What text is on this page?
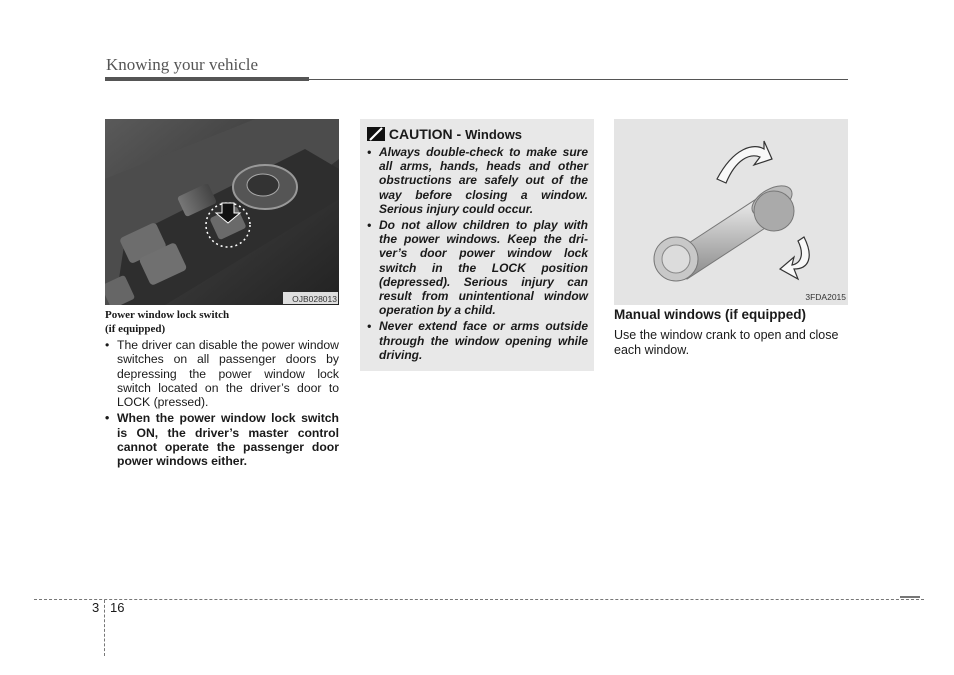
Knowing your vehicle
OJB028013
Power window lock switch
(if equipped)
• The driver can disable the power window switches on all passenger doors by depressing the power window lock switch located on the driver’s door to LOCK (pressed).
• When the power window lock switch is ON, the driver’s master control cannot operate the passenger door power windows either.
CAUTION - Windows
• Always double-check to make sure all arms, hands, heads and other obstructions are safely out of the way before closing a window. Serious injury could occur.
• Do not allow children to play with the power windows. Keep the driver’s door power window lock switch in the LOCK position (depressed). Serious injury can result from unintentional window operation by a child.
• Never extend face or arms outside through the window opening while driving.
3FDA2015
Manual windows (if equipped)
Use the window crank to open and close each window.
3 16
